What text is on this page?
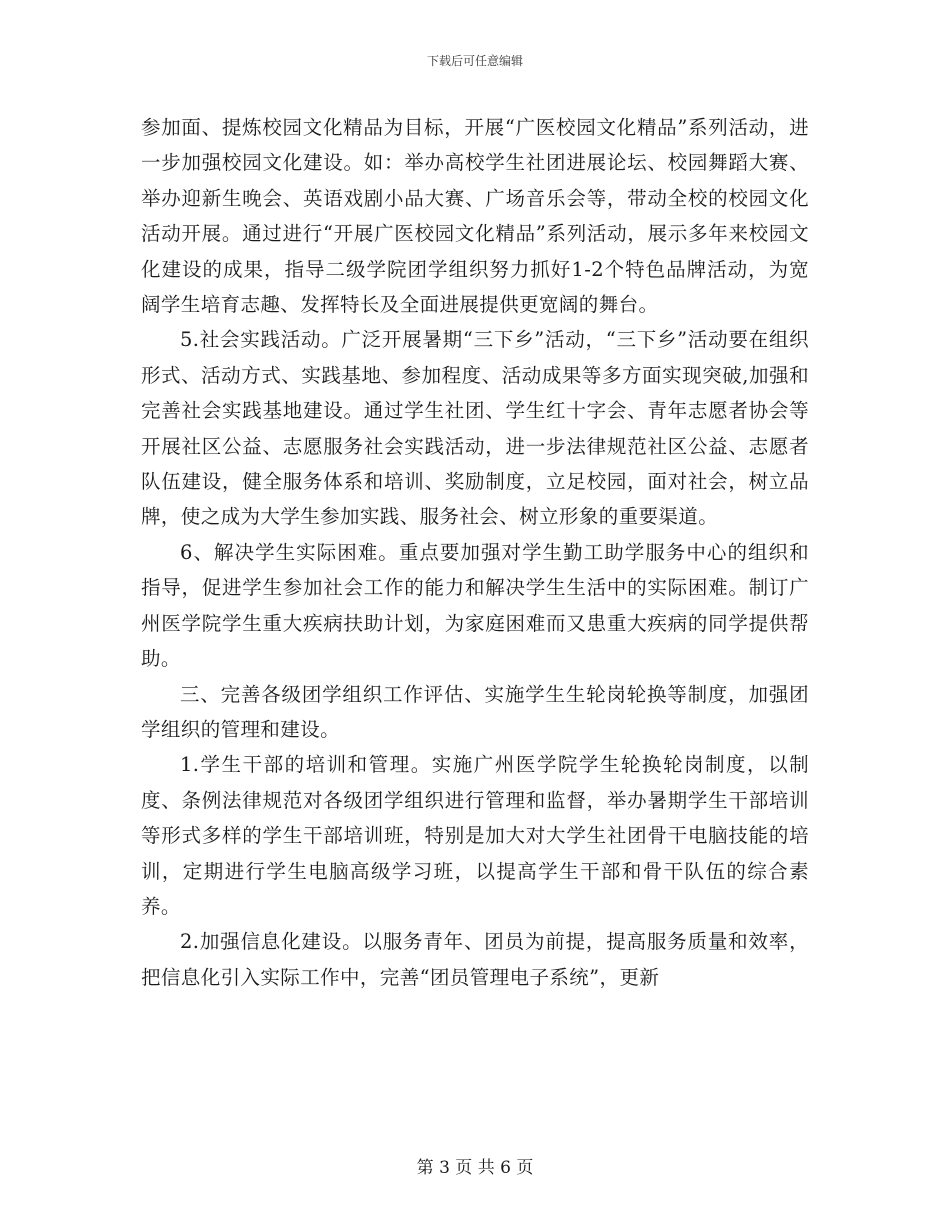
下载后可任意编辑

参加面、提炼校园文化精品为目标，开展“广医校园文化精品”系列活动，进一步加强校园文化建设。如：举办高校学生社团进展论坛、校园舞蹈大赛、举办迎新生晚会、英语戏剧小品大赛、广场音乐会等，带动全校的校园文化活动开展。通过进行“开展广医校园文化精品”系列活动，展示多年来校园文化建设的成果，指导二级学院团学组织努力抓好1-2个特色品牌活动，为宽阔学生培育志趣、发挥特长及全面进展提供更宽阔的舞台。

5.社会实践活动。广泛开展暑期“三下乡”活动，“三下乡”活动要在组织形式、活动方式、实践基地、参加程度、活动成果等多方面实现突破,加强和完善社会实践基地建设。通过学生社团、学生红十字会、青年志愿者协会等开展社区公益、志愿服务社会实践活动，进一步法律规范社区公益、志愿者队伍建设，健全服务体系和培训、奖励制度，立足校园，面对社会，树立品牌，使之成为大学生参加实践、服务社会、树立形象的重要渠道。

6、解决学生实际困难。重点要加强对学生勤工助学服务中心的组织和指导，促进学生参加社会工作的能力和解决学生生活中的实际困难。制订广州医学院学生重大疾病扶助计划，为家庭困难而又患重大疾病的同学提供帮助。

三、完善各级团学组织工作评估、实施学生生轮岗轮换等制度，加强团学组织的管理和建设。

1.学生干部的培训和管理。实施广州医学院学生轮换轮岗制度，以制度、条例法律规范对各级团学组织进行管理和监督，举办暑期学生干部培训等形式多样的学生干部培训班，特别是加大对大学生社团骨干电脑技能的培训，定期进行学生电脑高级学习班，以提高学生干部和骨干队伍的综合素养。

2.加强信息化建设。以服务青年、团员为前提，提高服务质量和效率，把信息化引入实际工作中，完善“团员管理电子系统”，更新

第 3 页 共 6 页
